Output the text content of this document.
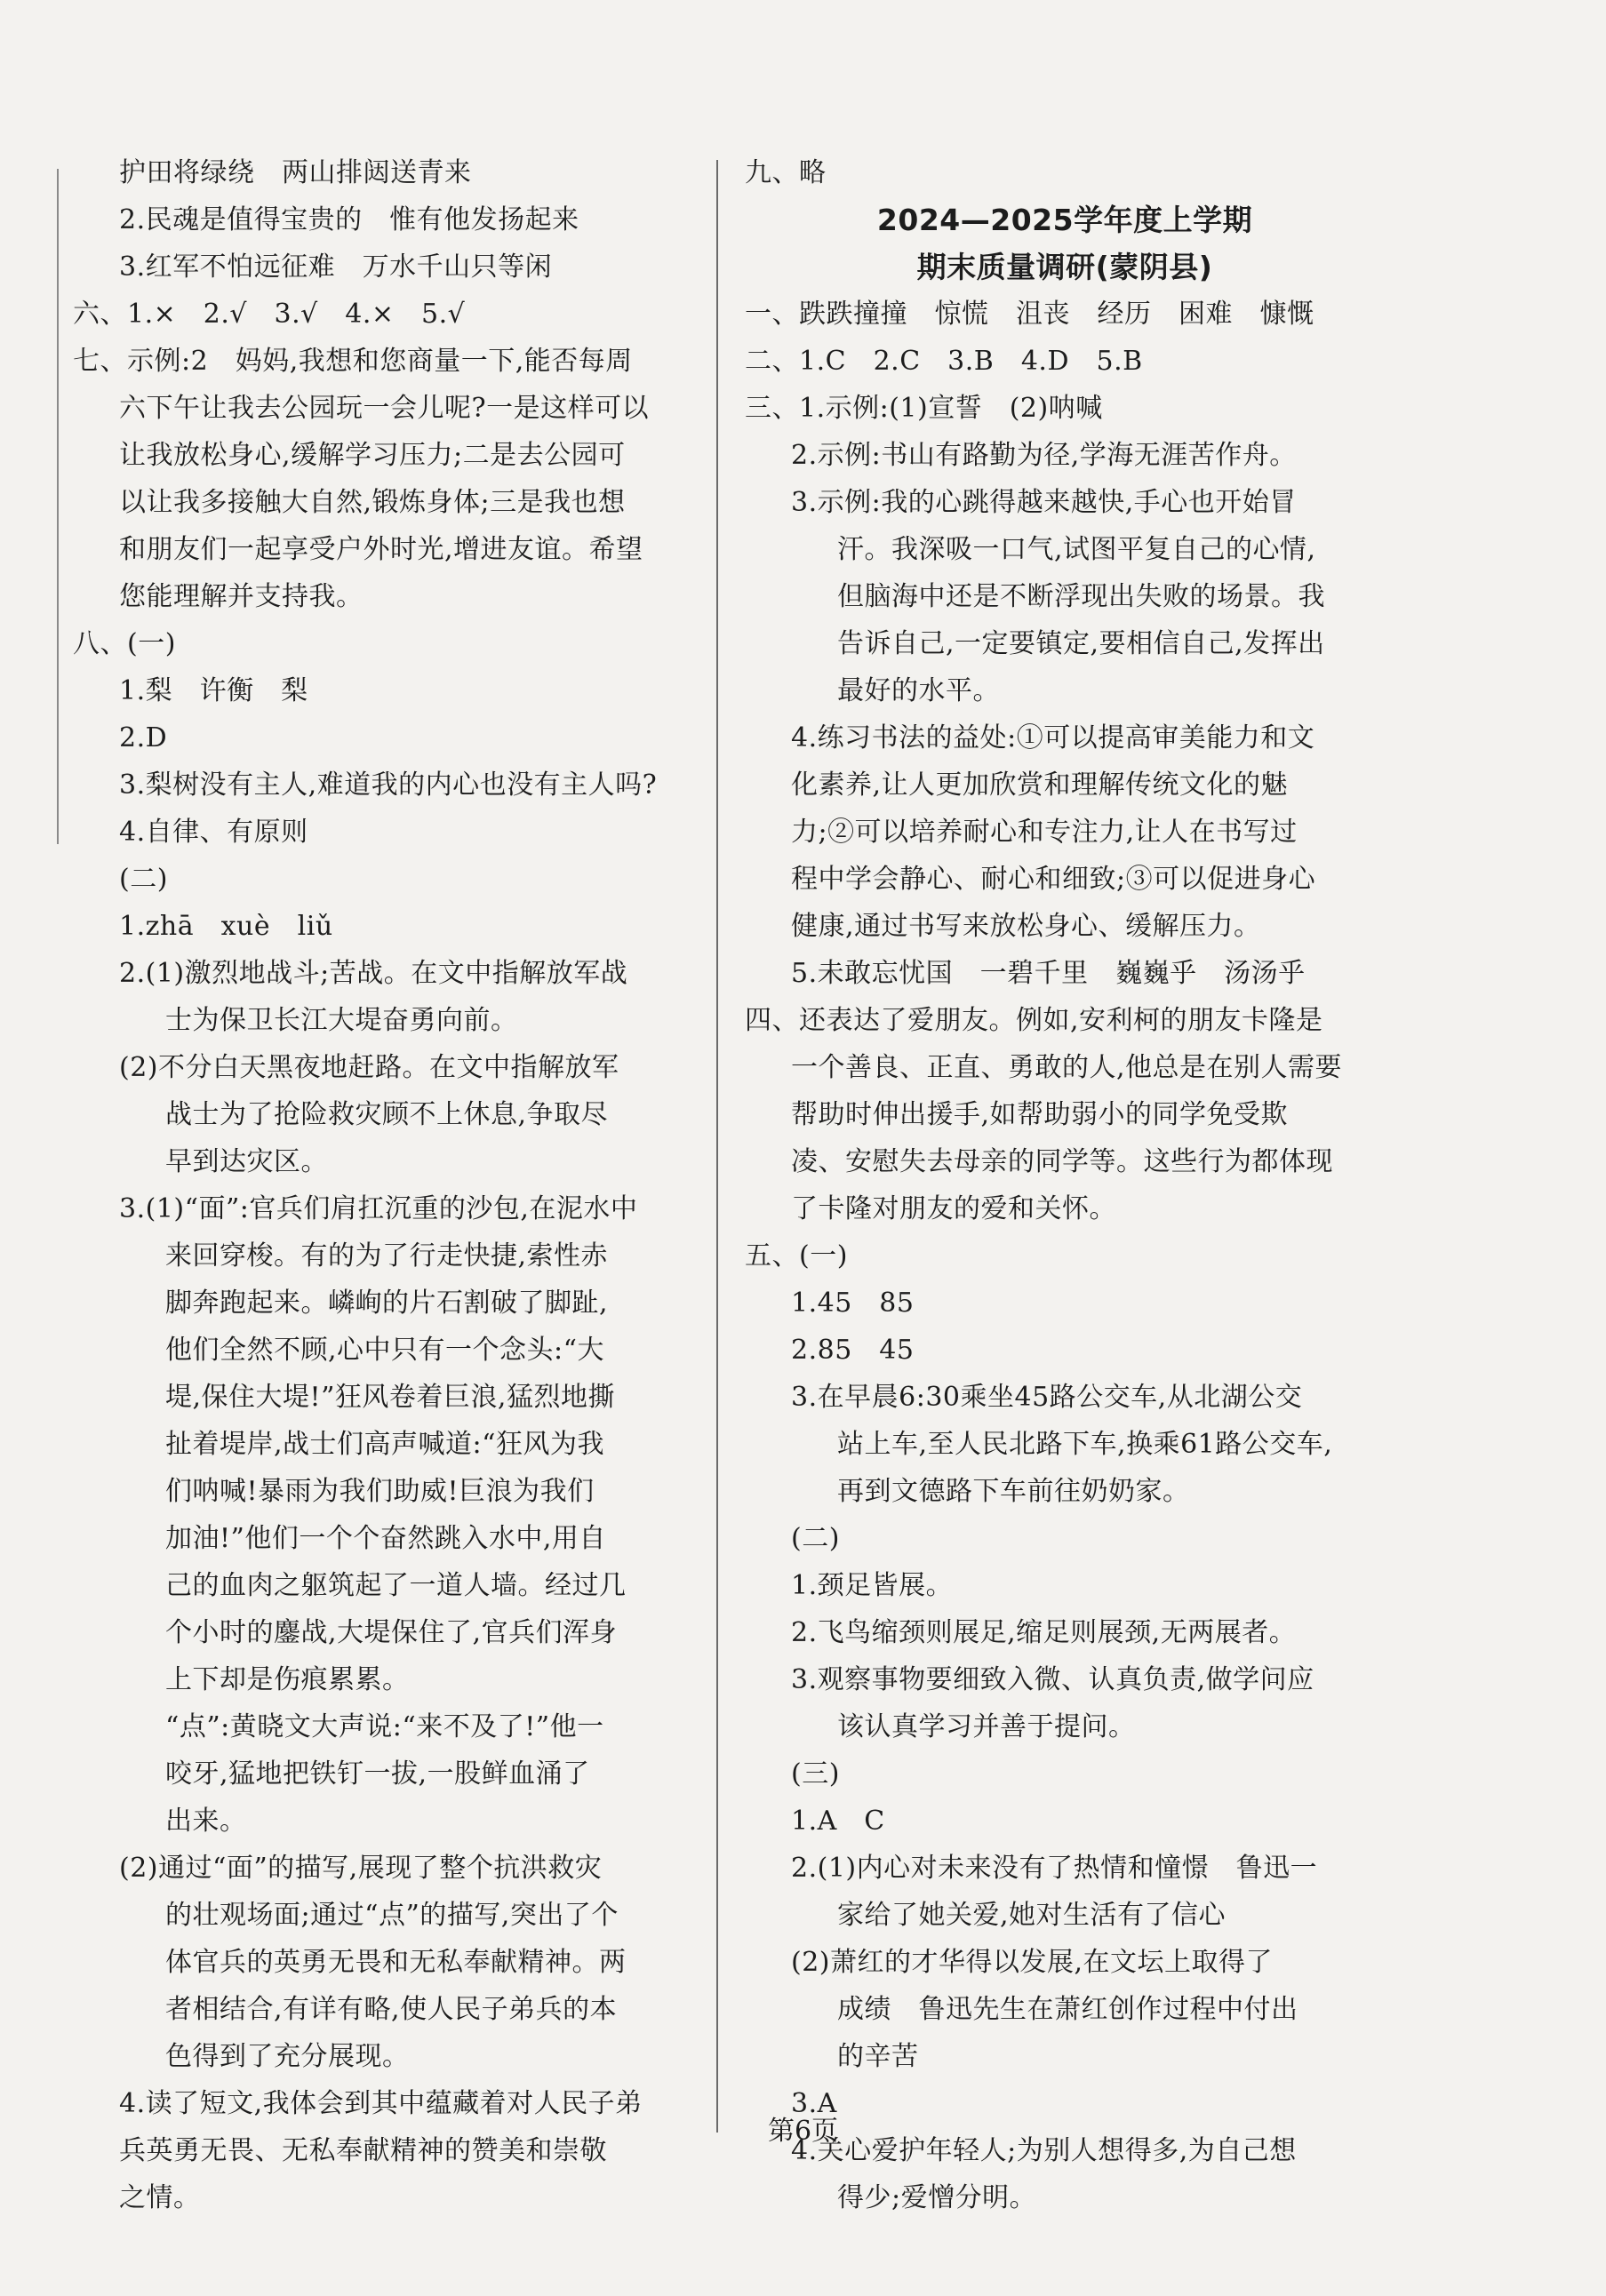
护田将绿绕　两山排闼送青来
2.民魂是值得宝贵的　惟有他发扬起来
3.红军不怕远征难　万水千山只等闲
六、1.×　2.√　3.√　4.×　5.√
七、示例:2　妈妈,我想和您商量一下,能否每周
六下午让我去公园玩一会儿呢?一是这样可以
让我放松身心,缓解学习压力;二是去公园可
以让我多接触大自然,锻炼身体;三是我也想
和朋友们一起享受户外时光,增进友谊。希望
您能理解并支持我。
八、(一)
1.梨　许衡　梨
2.D
3.梨树没有主人,难道我的内心也没有主人吗?
4.自律、有原则
(二)
1.zhā　xuè　liǔ
2.(1)激烈地战斗;苦战。在文中指解放军战
士为保卫长江大堤奋勇向前。
(2)不分白天黑夜地赶路。在文中指解放军
战士为了抢险救灾顾不上休息,争取尽
早到达灾区。
3.(1)“面”:官兵们肩扛沉重的沙包,在泥水中
来回穿梭。有的为了行走快捷,索性赤
脚奔跑起来。嶙峋的片石割破了脚趾,
他们全然不顾,心中只有一个念头:“大
堤,保住大堤!”狂风卷着巨浪,猛烈地撕
扯着堤岸,战士们高声喊道:“狂风为我
们呐喊!暴雨为我们助威!巨浪为我们
加油!”他们一个个奋然跳入水中,用自
己的血肉之躯筑起了一道人墙。经过几
个小时的鏖战,大堤保住了,官兵们浑身
上下却是伤痕累累。
“点”:黄晓文大声说:“来不及了!”他一
咬牙,猛地把铁钉一拔,一股鲜血涌了
出来。
(2)通过“面”的描写,展现了整个抗洪救灾
的壮观场面;通过“点”的描写,突出了个
体官兵的英勇无畏和无私奉献精神。两
者相结合,有详有略,使人民子弟兵的本
色得到了充分展现。
4.读了短文,我体会到其中蕴藏着对人民子弟
兵英勇无畏、无私奉献精神的赞美和崇敬
之情。
九、略
2024—2025学年度上学期
期末质量调研(蒙阴县)
一、跌跌撞撞　惊慌　沮丧　经历　困难　慷慨
二、1.C　2.C　3.B　4.D　5.B
三、1.示例:(1)宣誓　(2)呐喊
2.示例:书山有路勤为径,学海无涯苦作舟。
3.示例:我的心跳得越来越快,手心也开始冒
汗。我深吸一口气,试图平复自己的心情,
但脑海中还是不断浮现出失败的场景。我
告诉自己,一定要镇定,要相信自己,发挥出
最好的水平。
4.练习书法的益处:①可以提高审美能力和文
化素养,让人更加欣赏和理解传统文化的魅
力;②可以培养耐心和专注力,让人在书写过
程中学会静心、耐心和细致;③可以促进身心
健康,通过书写来放松身心、缓解压力。
5.未敢忘忧国　一碧千里　巍巍乎　汤汤乎
四、还表达了爱朋友。例如,安利柯的朋友卡隆是
一个善良、正直、勇敢的人,他总是在别人需要
帮助时伸出援手,如帮助弱小的同学免受欺
凌、安慰失去母亲的同学等。这些行为都体现
了卡隆对朋友的爱和关怀。
五、(一)
1.45　85
2.85　45
3.在早晨6:30乘坐45路公交车,从北湖公交
站上车,至人民北路下车,换乘61路公交车,
再到文德路下车前往奶奶家。
(二)
1.颈足皆展。
2.飞鸟缩颈则展足,缩足则展颈,无两展者。
3.观察事物要细致入微、认真负责,做学问应
该认真学习并善于提问。
(三)
1.A　C
2.(1)内心对未来没有了热情和憧憬　鲁迅一
家给了她关爱,她对生活有了信心
(2)萧红的才华得以发展,在文坛上取得了
成绩　鲁迅先生在萧红创作过程中付出
的辛苦
3.A
4.关心爱护年轻人;为别人想得多,为自己想
得少;爱憎分明。
第6页
